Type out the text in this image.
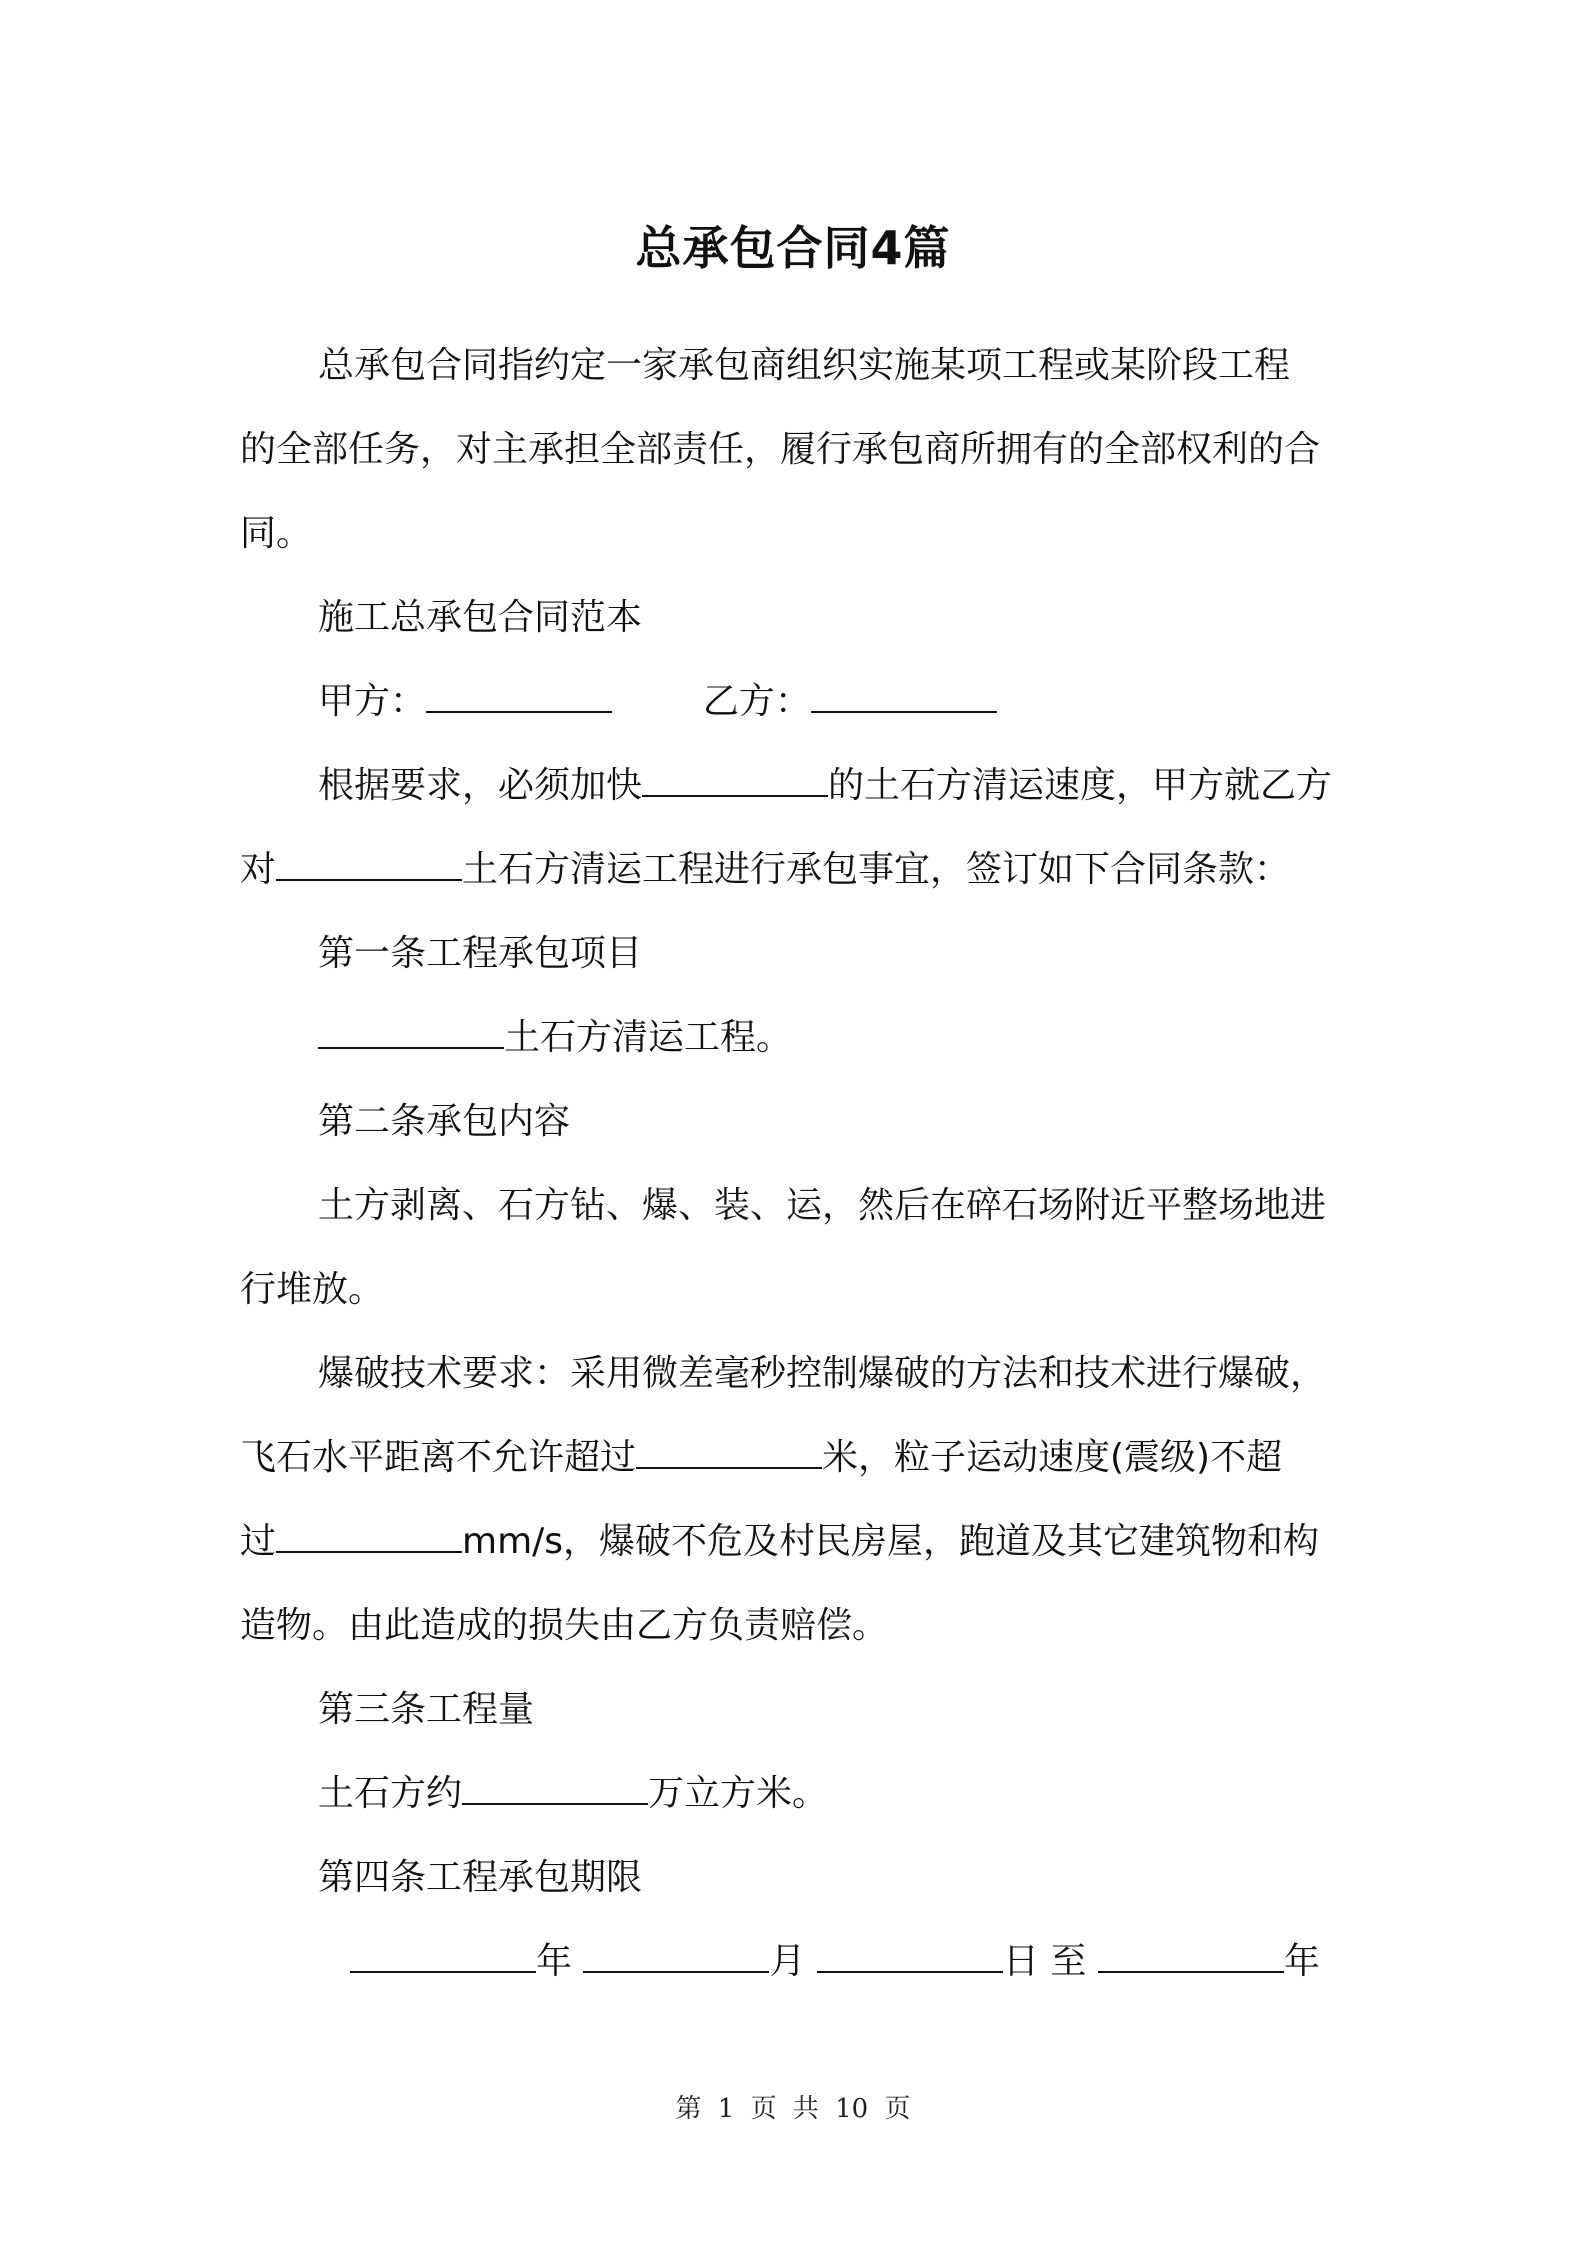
总承包合同4篇
总承包合同指约定一家承包商组织实施某项工程或某阶段工程
的全部任务，对主承担全部责任，履行承包商所拥有的全部权利的合
同。
施工总承包合同范本
甲方：	乙方：
根据要求，必须加快	的土石方清运速度，甲方就乙方
对	土石方清运工程进行承包事宜，签订如下合同条款：
第一条工程承包项目
土石方清运工程。
第二条承包内容
土方剥离、石方钻、爆、装、运，然后在碎石场附近平整场地进
行堆放。
爆破技术要求：采用微差毫秒控制爆破的方法和技术进行爆破，
飞石水平距离不允许超过	米，粒子运动速度(震级)不超
过	mm/s，爆破不危及村民房屋，跑道及其它建筑物和构
造物。由此造成的损失由乙方负责赔偿。
第三条工程量
土石方约	万立方米。
第四条工程承包期限
年	月	日 至	年
第 1 页 共 10 页
